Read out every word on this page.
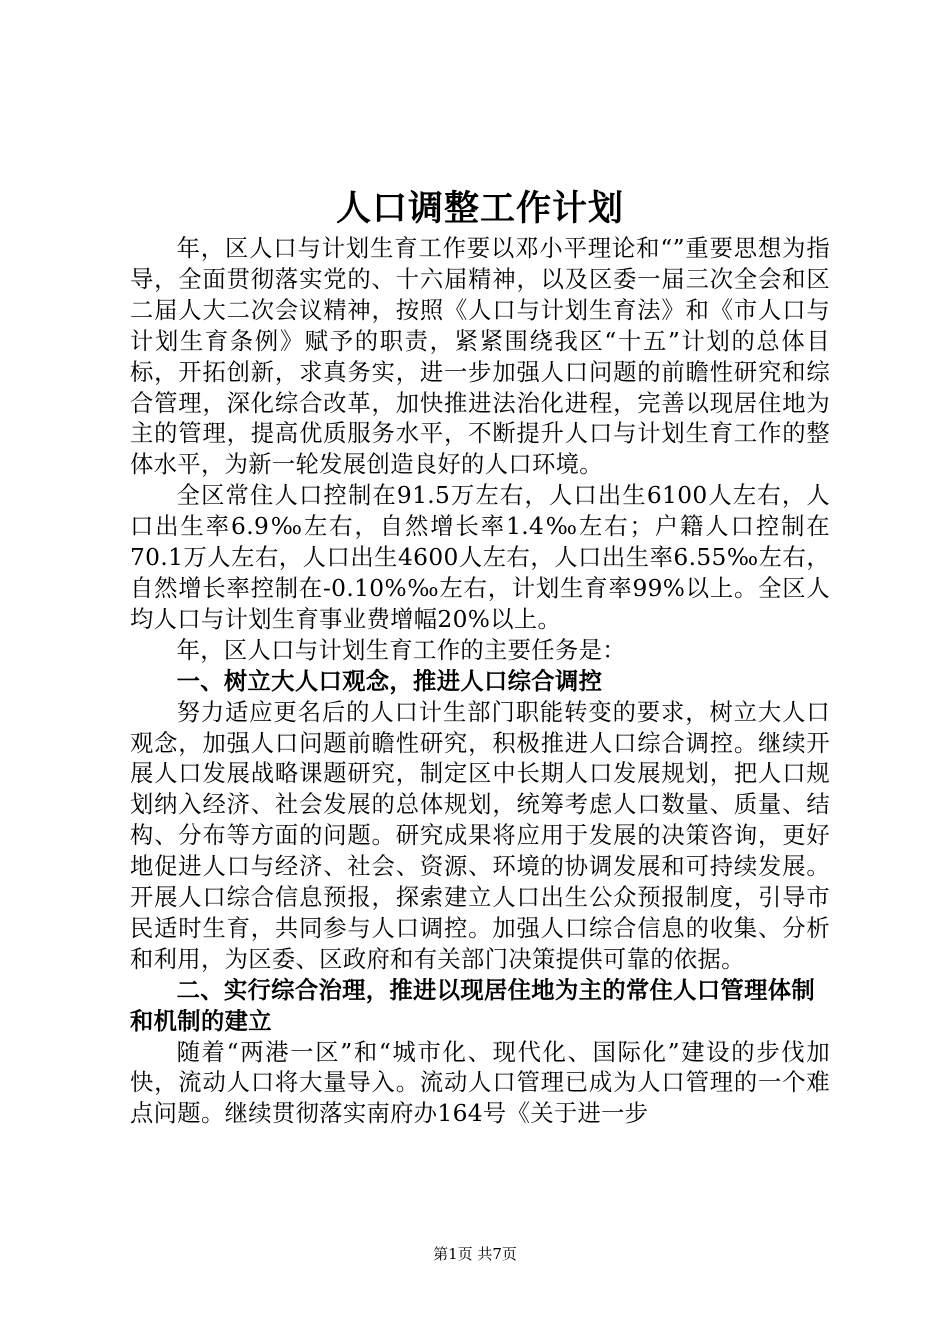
人口调整工作计划

年，区人口与计划生育工作要以邓小平理论和“”重要思想为指导，全面贯彻落实党的、十六届精神，以及区委一届三次全会和区二届人大二次会议精神，按照《人口与计划生育法》和《市人口与计划生育条例》赋予的职责，紧紧围绕我区“十五”计划的总体目标，开拓创新，求真务实，进一步加强人口问题的前瞻性研究和综合管理，深化综合改革，加快推进法治化进程，完善以现居住地为主的管理，提高优质服务水平，不断提升人口与计划生育工作的整体水平，为新一轮发展创造良好的人口环境。

全区常住人口控制在91.5万左右，人口出生6100人左右，人口出生率6.9‰左右，自然增长率1.4‰左右；户籍人口控制在70.1万人左右，人口出生4600人左右，人口出生率6.55‰左右，自然增长率控制在-0.10%‰左右，计划生育率99%以上。全区人均人口与计划生育事业费增幅20%以上。

年，区人口与计划生育工作的主要任务是：

一、树立大人口观念，推进人口综合调控

努力适应更名后的人口计生部门职能转变的要求，树立大人口观念，加强人口问题前瞻性研究，积极推进人口综合调控。继续开展人口发展战略课题研究，制定区中长期人口发展规划，把人口规划纳入经济、社会发展的总体规划，统筹考虑人口数量、质量、结构、分布等方面的问题。研究成果将应用于发展的决策咨询，更好地促进人口与经济、社会、资源、环境的协调发展和可持续发展。开展人口综合信息预报，探索建立人口出生公众预报制度，引导市民适时生育，共同参与人口调控。加强人口综合信息的收集、分析和利用，为区委、区政府和有关部门决策提供可靠的依据。

二、实行综合治理，推进以现居住地为主的常住人口管理体制和机制的建立

随着“两港一区”和“城市化、现代化、国际化”建设的步伐加快，流动人口将大量导入。流动人口管理已成为人口管理的一个难点问题。继续贯彻落实南府办164号《关于进一步

第1页 共7页
